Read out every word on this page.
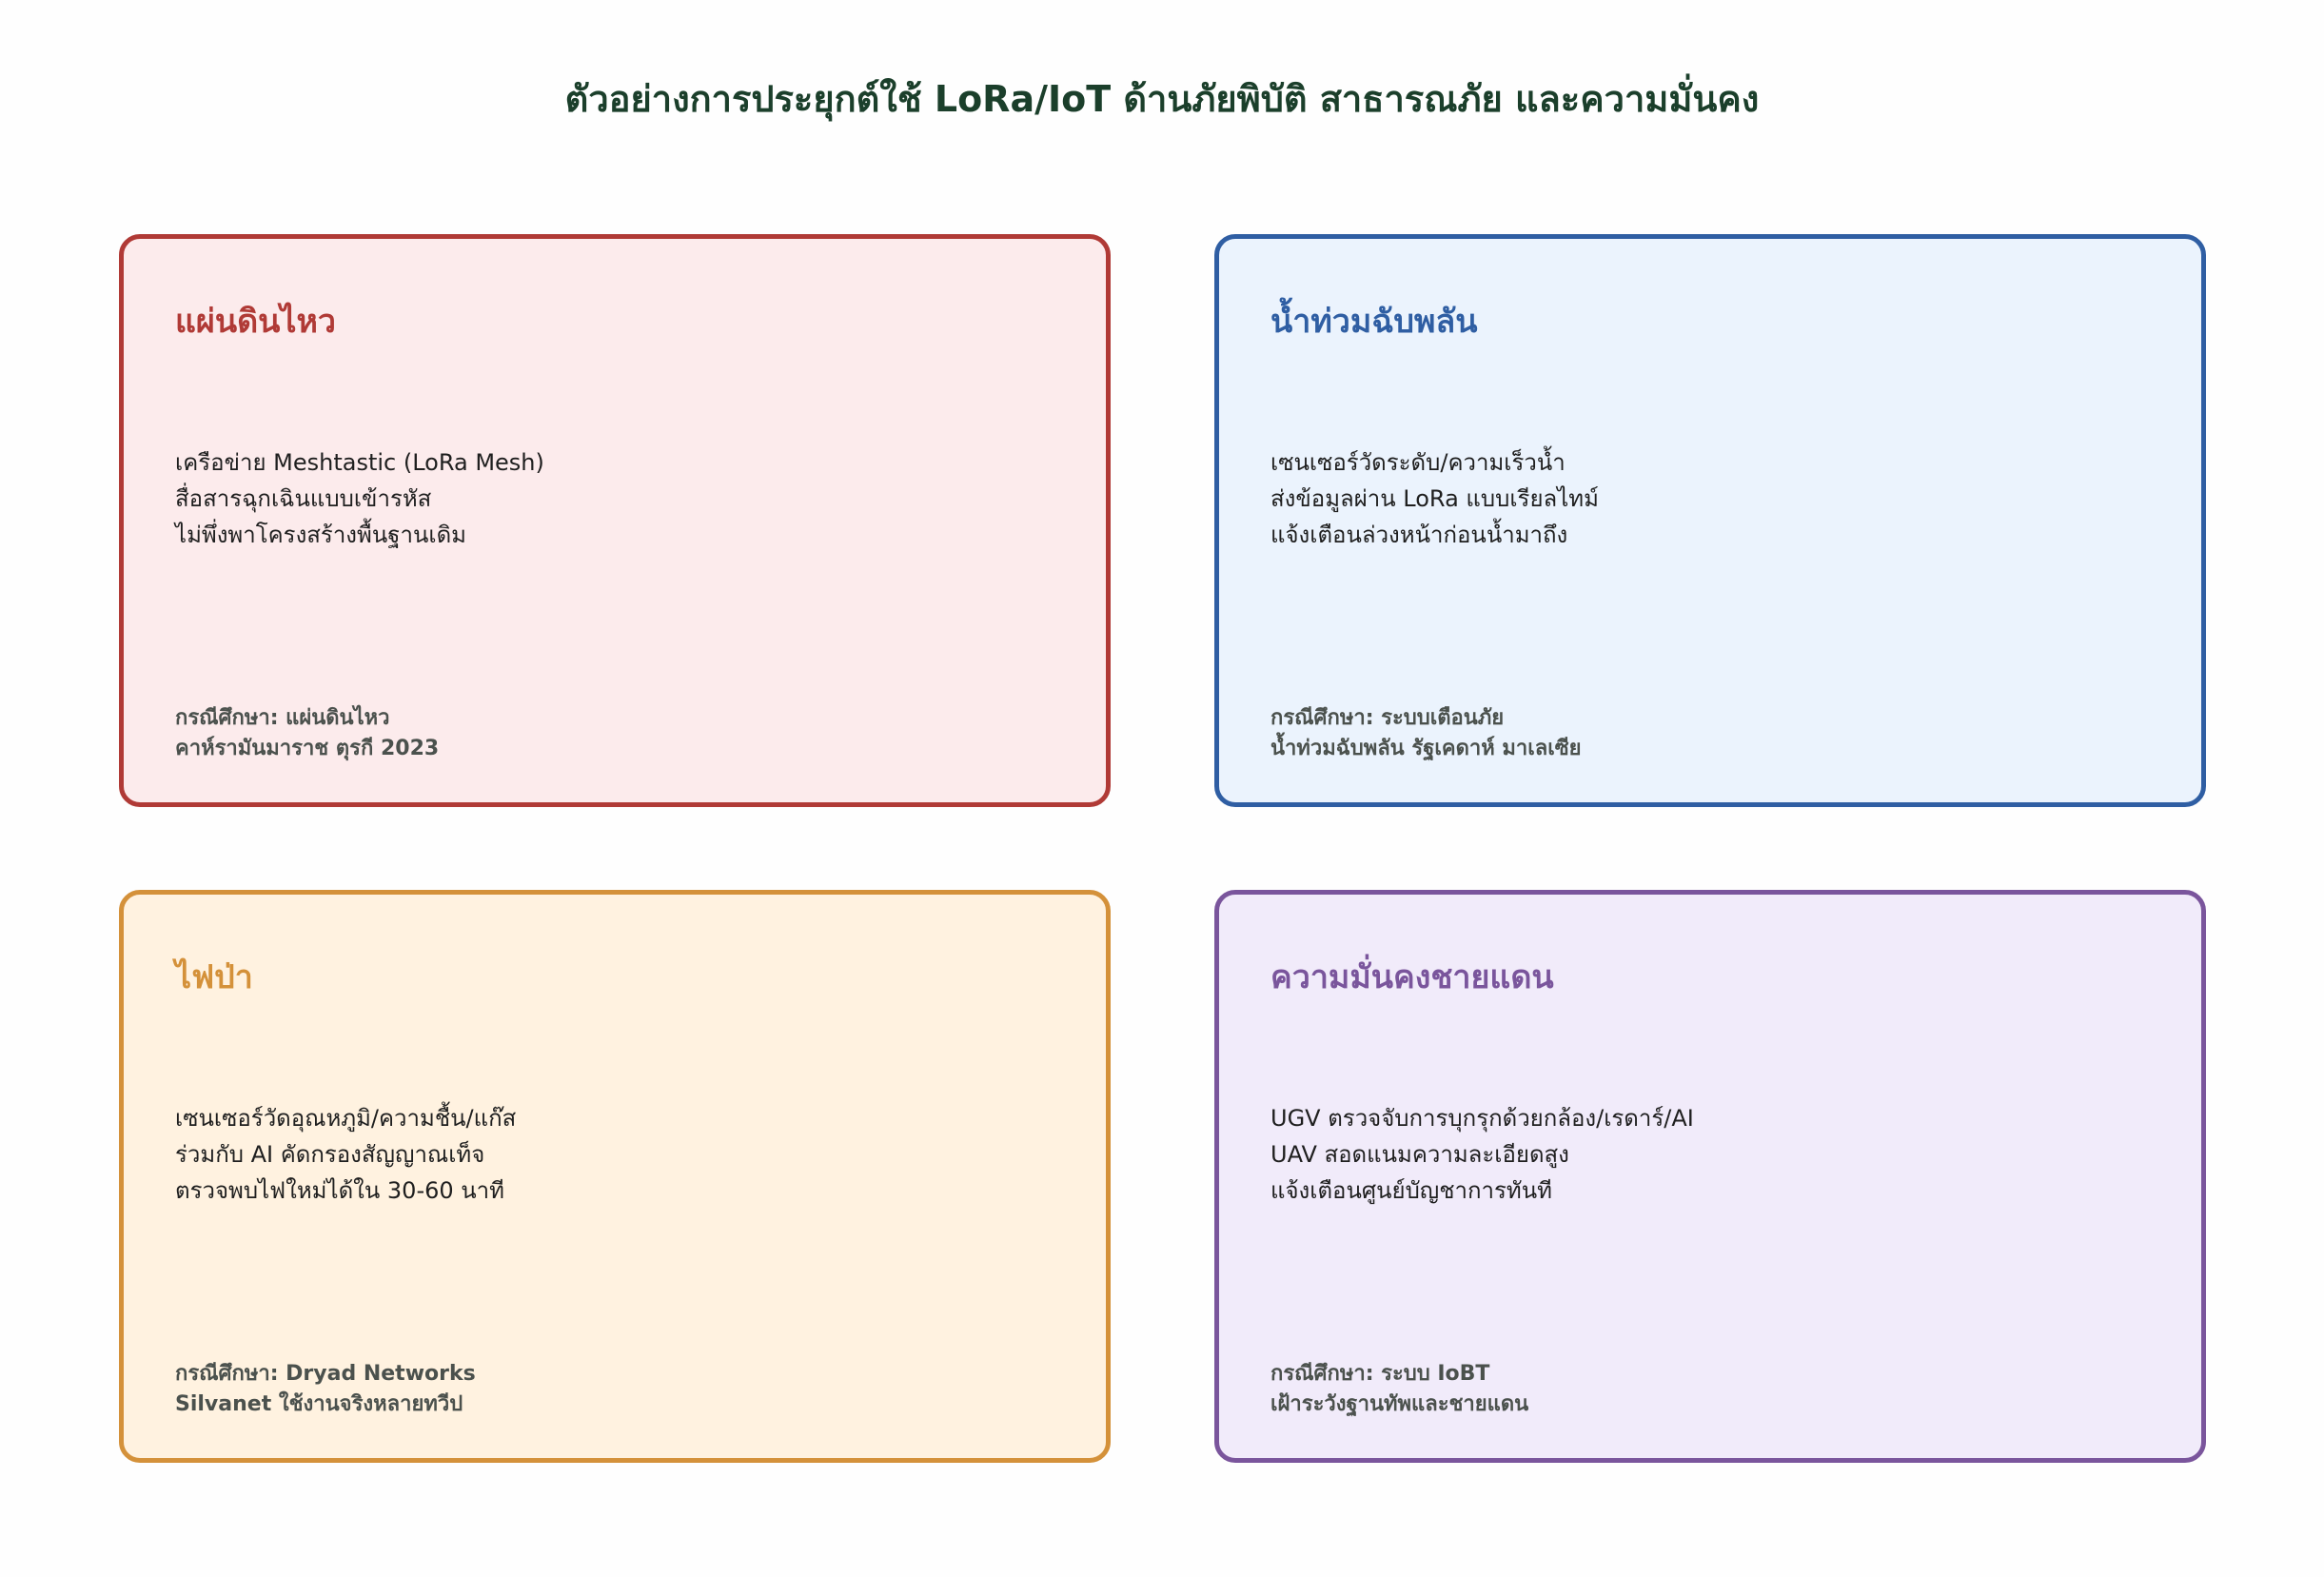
ตัวอย่างการประยุกต์ใช้ LoRa/IoT ด้านภัยพิบัติ สาธารณภัย และความมั่นคง
แผ่นดินไหว
เครือข่าย Meshtastic (LoRa Mesh)
สื่อสารฉุกเฉินแบบเข้ารหัส
ไม่พึ่งพาโครงสร้างพื้นฐานเดิม
กรณีศึกษา: แผ่นดินไหว
คาห์รามันมาราช ตุรกี 2023
น้ำท่วมฉับพลัน
เซนเซอร์วัดระดับ/ความเร็วน้ำ
ส่งข้อมูลผ่าน LoRa แบบเรียลไทม์
แจ้งเตือนล่วงหน้าก่อนน้ำมาถึง
กรณีศึกษา: ระบบเตือนภัย
น้ำท่วมฉับพลัน รัฐเคดาห์ มาเลเซีย
ไฟป่า
เซนเซอร์วัดอุณหภูมิ/ความชื้น/แก๊ส
ร่วมกับ AI คัดกรองสัญญาณเท็จ
ตรวจพบไฟใหม่ได้ใน 30-60 นาที
กรณีศึกษา: Dryad Networks
Silvanet ใช้งานจริงหลายทวีป
ความมั่นคงชายแดน
UGV ตรวจจับการบุกรุกด้วยกล้อง/เรดาร์/AI
UAV สอดแนมความละเอียดสูง
แจ้งเตือนศูนย์บัญชาการทันที
กรณีศึกษา: ระบบ IoBT
เฝ้าระวังฐานทัพและชายแดน
